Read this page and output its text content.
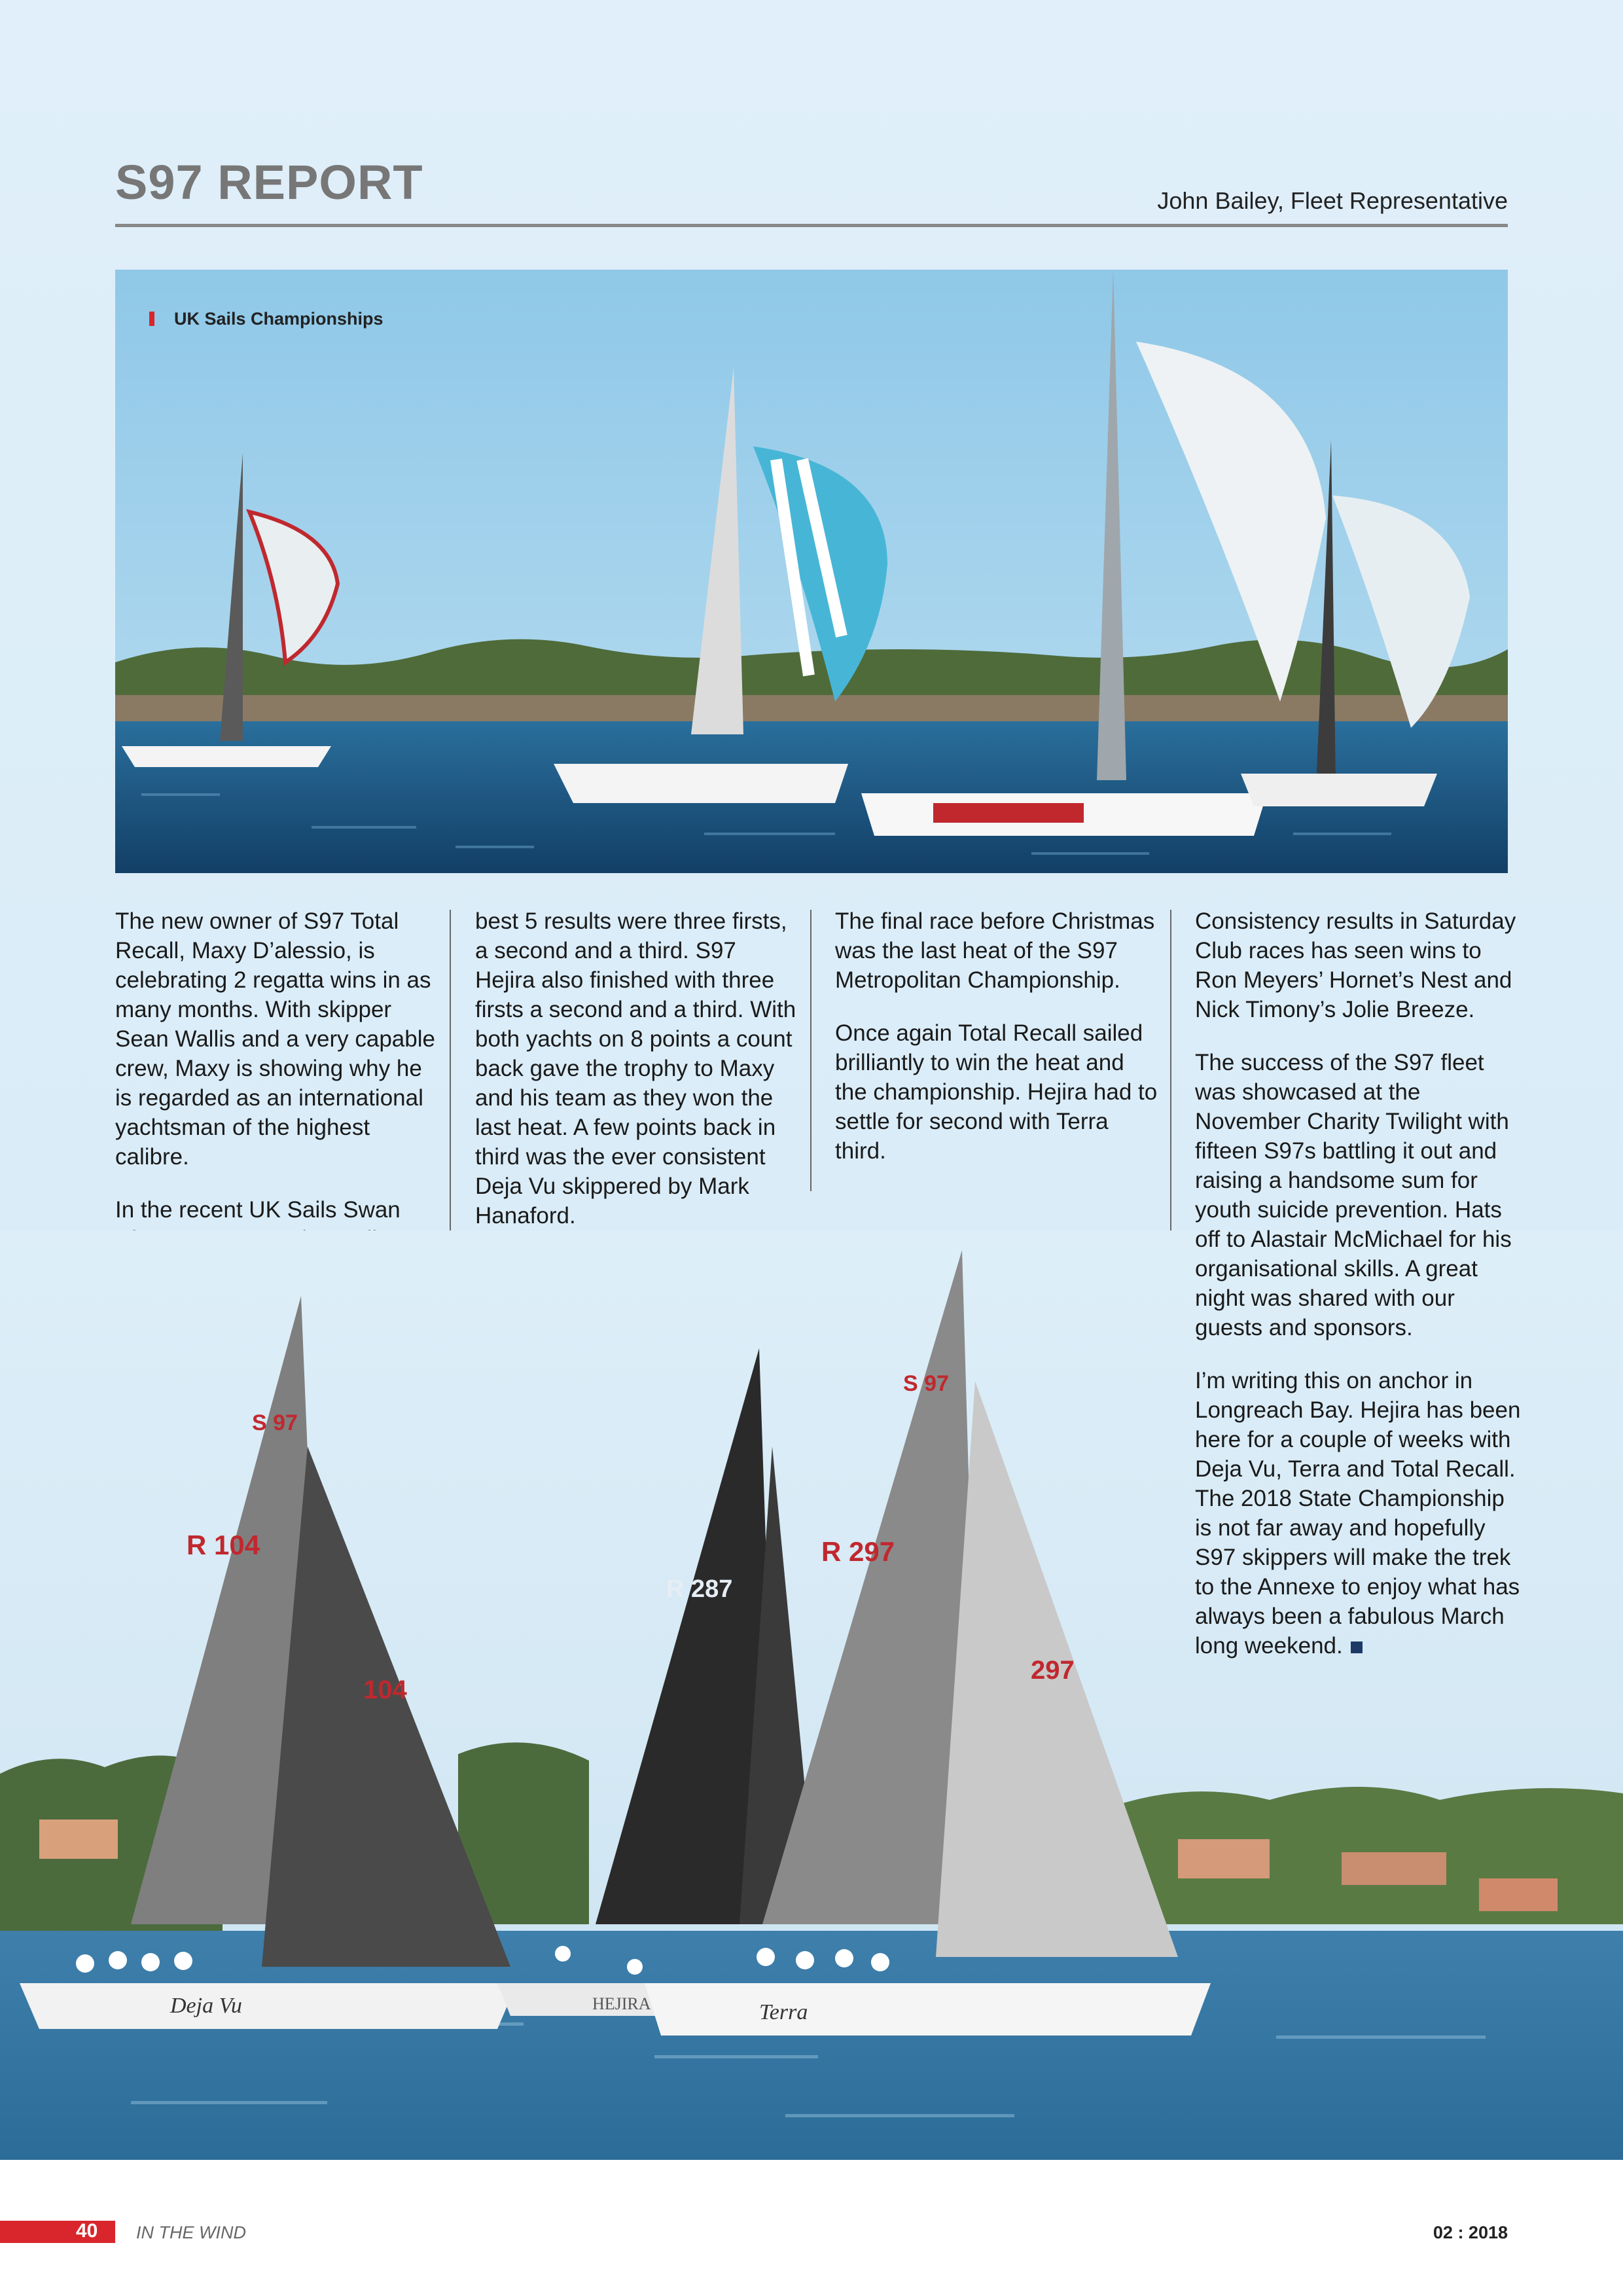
S97 REPORT	John Bailey, Fleet Representative
UK Sails Championships

The new owner of S97 Total Recall, Maxy D’alessio, is celebrating 2 regatta wins in as many months. With skipper Sean Wallis and a very capable crew, Maxy is showing why he is regarded as an international yachtsman of the highest calibre.

In the recent UK Sails Swan

best 5 results were three firsts, a second and a third. S97 Hejira also finished with three firsts a second and a third. With both yachts on 8 points a count back gave the trophy to Maxy and his team as they won the last heat. A few points back in third was the ever consistent Deja Vu skippered by Mark Hanaford.

The final race before Christmas was the last heat of the S97 Metropolitan Championship.

Once again Total Recall sailed brilliantly to win the heat and the championship. Hejira had to settle for second with Terra third.

Deja Vu
S 97
R 104
104
HEJIRA
R 287
Terra
S 97
R 297
297

Consistency results in Saturday Club races has seen wins to Ron Meyers’ Hornet’s Nest and Nick Timony’s Jolie Breeze.

The success of the S97 fleet was showcased at the November Charity Twilight with fifteen S97s battling it out and raising a handsome sum for youth suicide prevention. Hats off to Alastair McMichael for his organisational skills. A great night was shared with our guests and sponsors.

I’m writing this on anchor in Longreach Bay. Hejira has been here for a couple of weeks with Deja Vu, Terra and Total Recall. The 2018 State Championship is not far away and hopefully S97 skippers will make the trek to the Annexe to enjoy what has always been a fabulous March long weekend.

40 IN THE WIND	02 : 2018
